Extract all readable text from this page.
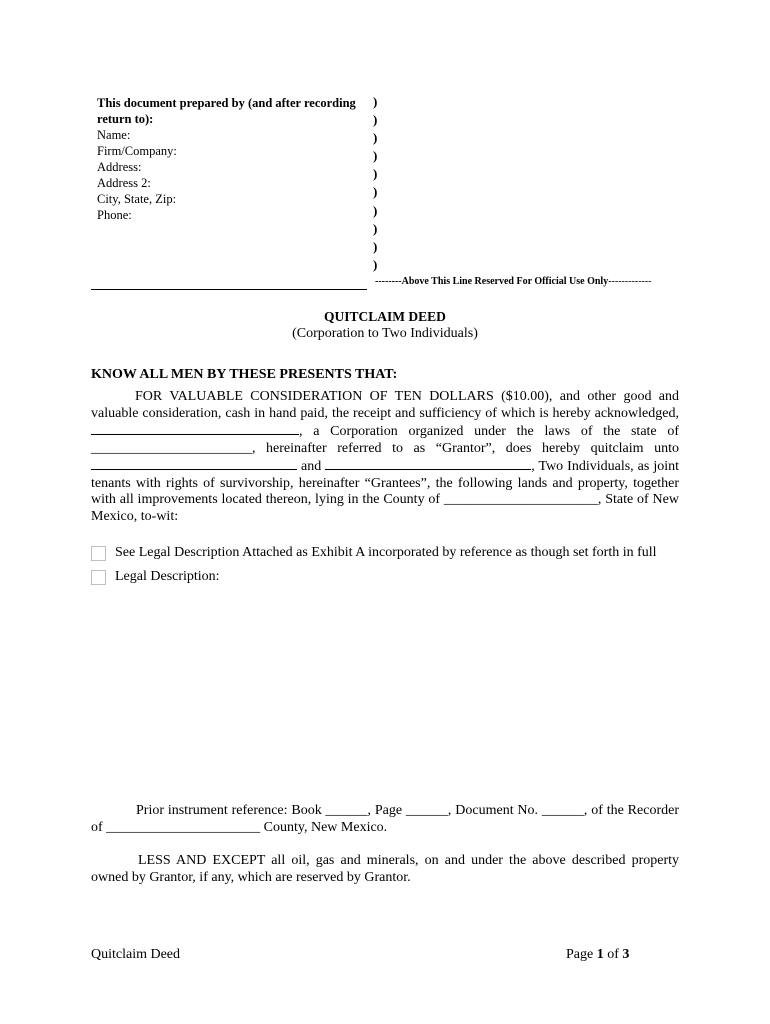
This document prepared by (and after recording
return to):
Name:
Firm/Company:
Address:
Address 2:
City, State, Zip:
Phone:
)
)
)
)
)
)
)
)
)
)
--------Above This Line Reserved For Official Use Only-------------
QUITCLAIM DEED
(Corporation to Two Individuals)
KNOW ALL MEN BY THESE PRESENTS THAT:
FOR VALUABLE CONSIDERATION OF TEN DOLLARS ($10.00), and other good and valuable consideration, cash in hand paid, the receipt and sufficiency of which is hereby acknowledged, , a Corporation organized under the laws of the state of _______________________, hereinafter referred to as “Grantor”, does hereby quitclaim unto  and	, Two Individuals, as joint tenants with rights of survivorship, hereinafter “Grantees”, the following lands and property, together with all improvements located thereon, lying in the County of ______________________, State of New Mexico, to-wit:
See Legal Description Attached as Exhibit A incorporated by reference as though set forth in full
Legal Description:
Prior instrument reference: Book ______, Page ______, Document No. ______, of the Recorder of ______________________ County, New Mexico.
LESS AND EXCEPT all oil, gas and minerals, on and under the above described property owned by Grantor, if any, which are reserved by Grantor.
Quitclaim Deed	Page 1 of 3
